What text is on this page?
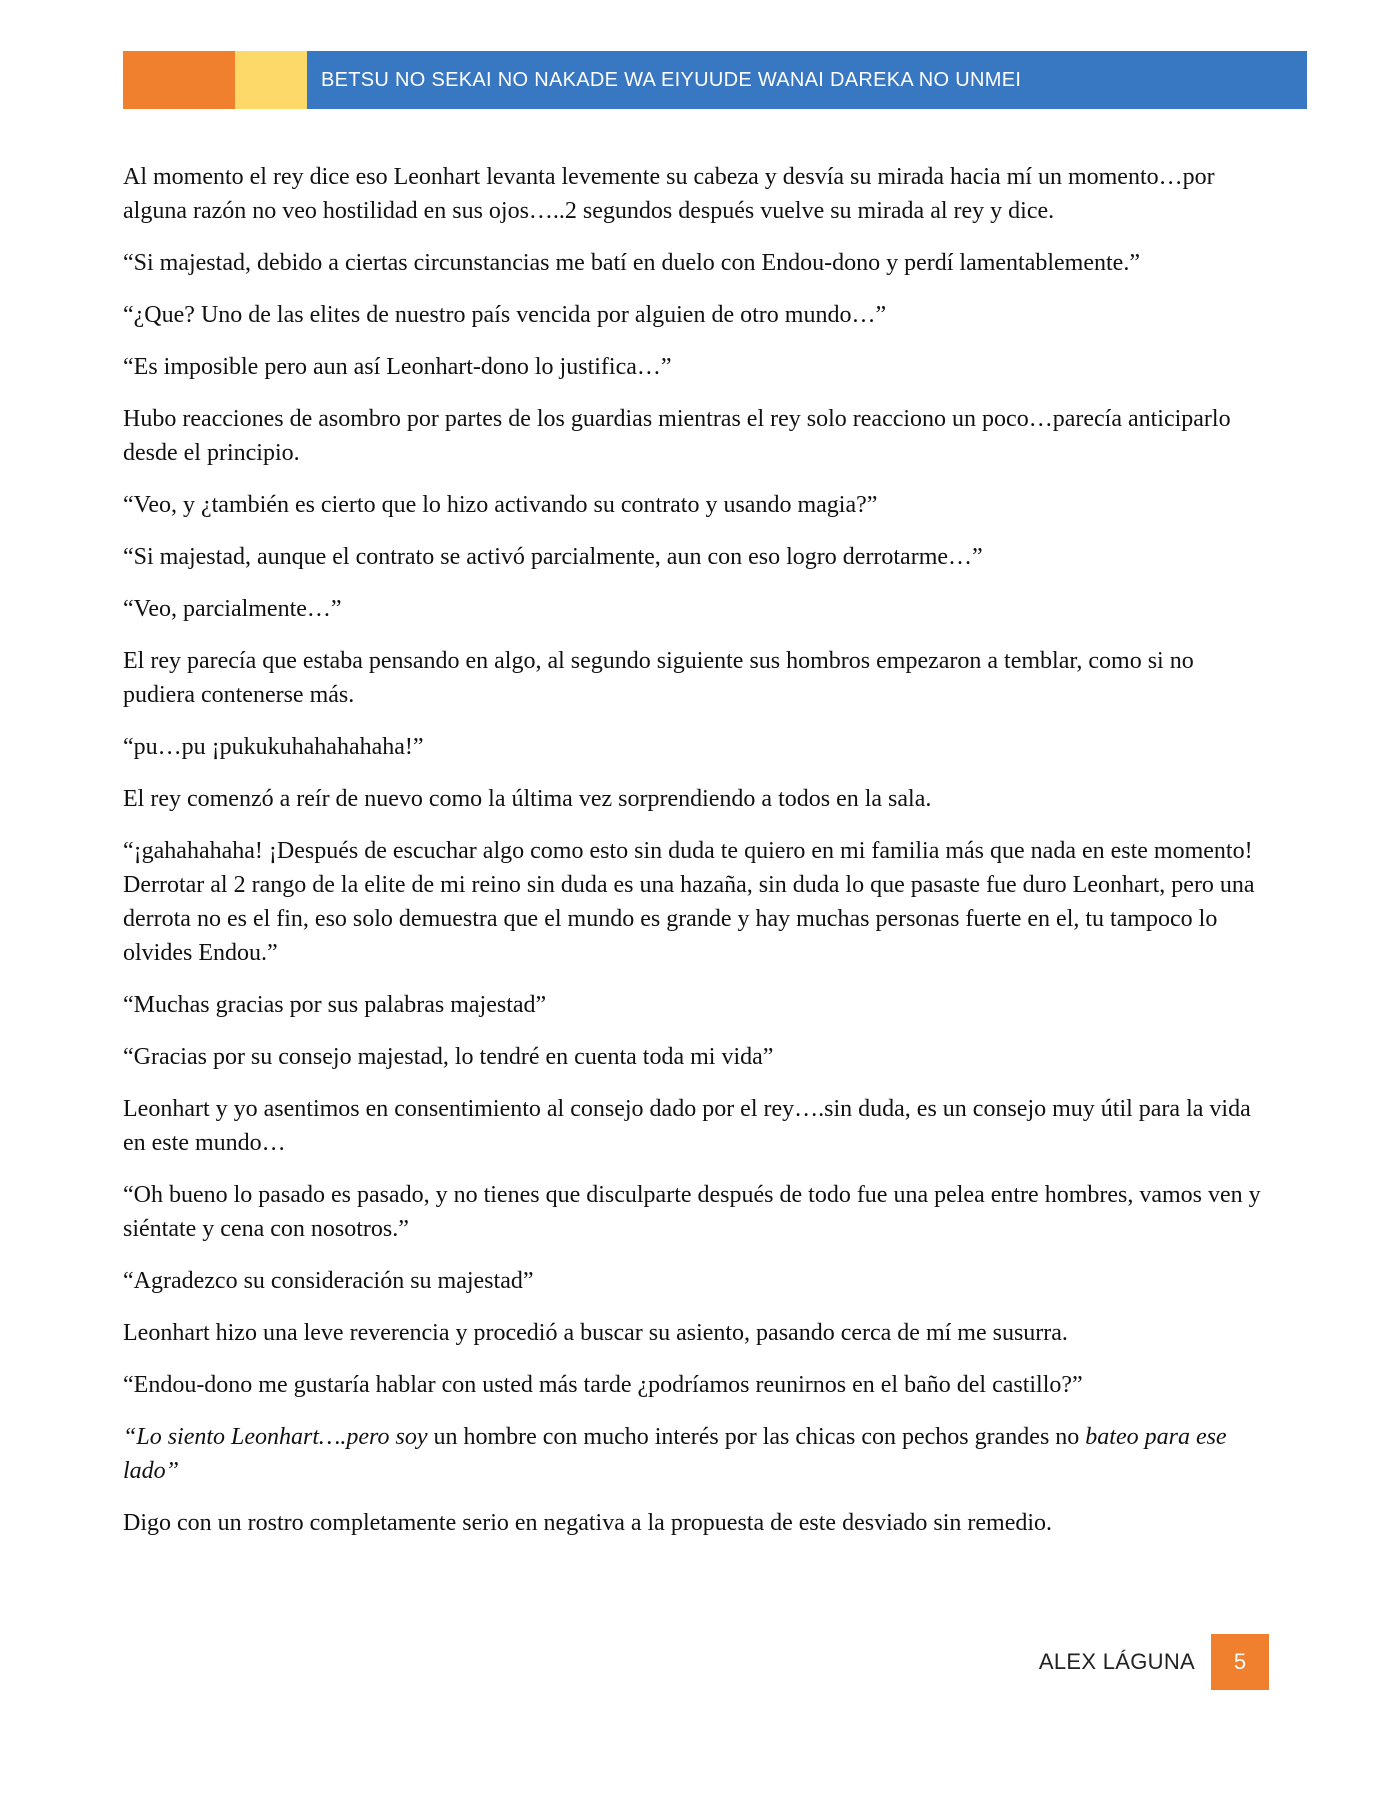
BETSU NO SEKAI NO NAKADE WA EIYUUDE WANAI DAREKA NO UNMEI

Al momento el rey dice eso Leonhart levanta levemente su cabeza y desvía su mirada hacia mí un momento…por alguna razón no veo hostilidad en sus ojos…..2 segundos después vuelve su mirada al rey y dice.

“Si majestad, debido a ciertas circunstancias me batí en duelo con Endou-dono y perdí lamentablemente.”

“¿Que? Uno de las elites de nuestro país vencida por alguien de otro mundo…”

“Es imposible pero aun así Leonhart-dono lo justifica…”

Hubo reacciones de asombro por partes de los guardias mientras el rey solo reacciono un poco…parecía anticiparlo desde el principio.

“Veo, y ¿también es cierto que lo hizo activando su contrato y usando magia?”

“Si majestad, aunque el contrato se activó parcialmente, aun con eso logro derrotarme…”

“Veo, parcialmente…”

El rey parecía que estaba pensando en algo, al segundo siguiente sus hombros empezaron a temblar, como si no pudiera contenerse más.

“pu…pu ¡pukukuhahahahaha!”

El rey comenzó a reír de nuevo como la última vez sorprendiendo a todos en la sala.

“¡gahahahaha! ¡Después de escuchar algo como esto sin duda te quiero en mi familia más que nada en este momento! Derrotar al 2 rango de la elite de mi reino sin duda es una hazaña, sin duda lo que pasaste fue duro Leonhart, pero una derrota no es el fin, eso solo demuestra que el mundo es grande y hay muchas personas fuerte en el, tu tampoco lo olvides Endou.”

“Muchas gracias por sus palabras majestad”

“Gracias por su consejo majestad, lo tendré en cuenta toda mi vida”

Leonhart y yo asentimos en consentimiento al consejo dado por el rey….sin duda, es un consejo muy útil para la vida en este mundo…

“Oh bueno lo pasado es pasado, y no tienes que disculparte después de todo fue una pelea entre hombres, vamos ven y siéntate y cena con nosotros.”

“Agradezco su consideración su majestad”

Leonhart hizo una leve reverencia y procedió a buscar su asiento, pasando cerca de mí me susurra.

“Endou-dono me gustaría hablar con usted más tarde ¿podríamos reunirnos en el baño del castillo?”

“Lo siento Leonhart….pero soy un hombre con mucho interés por las chicas con pechos grandes no bateo para ese lado”

Digo con un rostro completamente serio en negativa a la propuesta de este desviado sin remedio.

ALEX LÁGUNA	5
